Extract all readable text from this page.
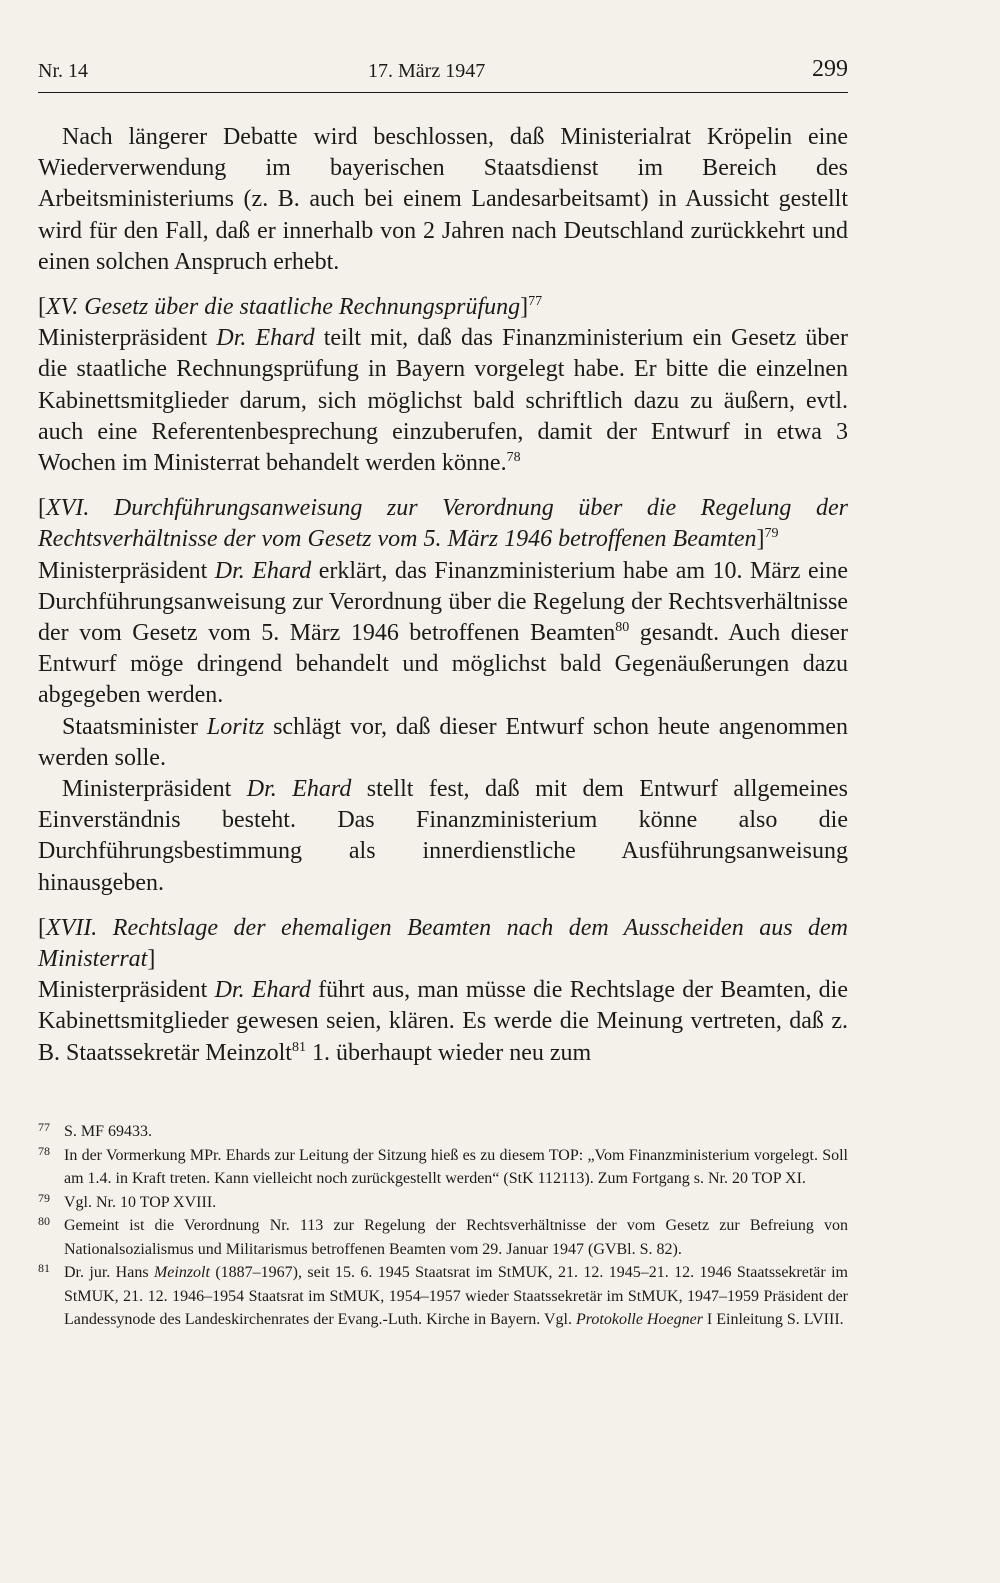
Nr. 14	17. März 1947	299

Nach längerer Debatte wird beschlossen, daß Ministerialrat Kröpelin eine Wiederverwendung im bayerischen Staatsdienst im Bereich des Arbeitsministeriums (z. B. auch bei einem Landesarbeitsamt) in Aussicht gestellt wird für den Fall, daß er innerhalb von 2 Jahren nach Deutschland zurückkehrt und einen solchen Anspruch erhebt.

[XV. Gesetz über die staatliche Rechnungsprüfung]$^{77}$

Ministerpräsident Dr. Ehard teilt mit, daß das Finanzministerium ein Gesetz über die staatliche Rechnungsprüfung in Bayern vorgelegt habe. Er bitte die einzelnen Kabinettsmitglieder darum, sich möglichst bald schriftlich dazu zu äußern, evtl. auch eine Referentenbesprechung einzuberufen, damit der Entwurf in etwa 3 Wochen im Ministerrat behandelt werden könne.$^{78}$

[XVI. Durchführungsanweisung zur Verordnung über die Regelung der Rechtsverhältnisse der vom Gesetz vom 5. März 1946 betroffenen Beamten]$^{79}$

Ministerpräsident Dr. Ehard erklärt, das Finanzministerium habe am 10. März eine Durchführungsanweisung zur Verordnung über die Regelung der Rechtsverhältnisse der vom Gesetz vom 5. März 1946 betroffenen Beamten$^{80}$ gesandt. Auch dieser Entwurf möge dringend behandelt und möglichst bald Gegenäußerungen dazu abgegeben werden.

Staatsminister Loritz schlägt vor, daß dieser Entwurf schon heute angenommen werden solle.

Ministerpräsident Dr. Ehard stellt fest, daß mit dem Entwurf allgemeines Einverständnis besteht. Das Finanzministerium könne also die Durchführungsbestimmung als innerdienstliche Ausführungsanweisung hinausgeben.

[XVII. Rechtslage der ehemaligen Beamten nach dem Ausscheiden aus dem Ministerrat]

Ministerpräsident Dr. Ehard führt aus, man müsse die Rechtslage der Beamten, die Kabinettsmitglieder gewesen seien, klären. Es werde die Meinung vertreten, daß z. B. Staatssekretär Meinzolt$^{81}$ 1. überhaupt wieder neu zum

77 S. MF 69433.
78 In der Vormerkung MPr. Ehards zur Leitung der Sitzung hieß es zu diesem TOP: „Vom Finanzministerium vorgelegt. Soll am 1.4. in Kraft treten. Kann vielleicht noch zurückgestellt werden“ (StK 112113). Zum Fortgang s. Nr. 20 TOP XI.
79 Vgl. Nr. 10 TOP XVIII.
80 Gemeint ist die Verordnung Nr. 113 zur Regelung der Rechtsverhältnisse der vom Gesetz zur Befreiung von Nationalsozialismus und Militarismus betroffenen Beamten vom 29. Januar 1947 (GVBl. S. 82).
81 Dr. jur. Hans Meinzolt (1887–1967), seit 15. 6. 1945 Staatsrat im StMUK, 21. 12. 1945–21. 12. 1946 Staatssekretär im StMUK, 21. 12. 1946–1954 Staatsrat im StMUK, 1954–1957 wieder Staatssekretär im StMUK, 1947–1959 Präsident der Landessynode des Landeskirchenrates der Evang.-Luth. Kirche in Bayern. Vgl. Protokolle Hoegner I Einleitung S. LVIII.
